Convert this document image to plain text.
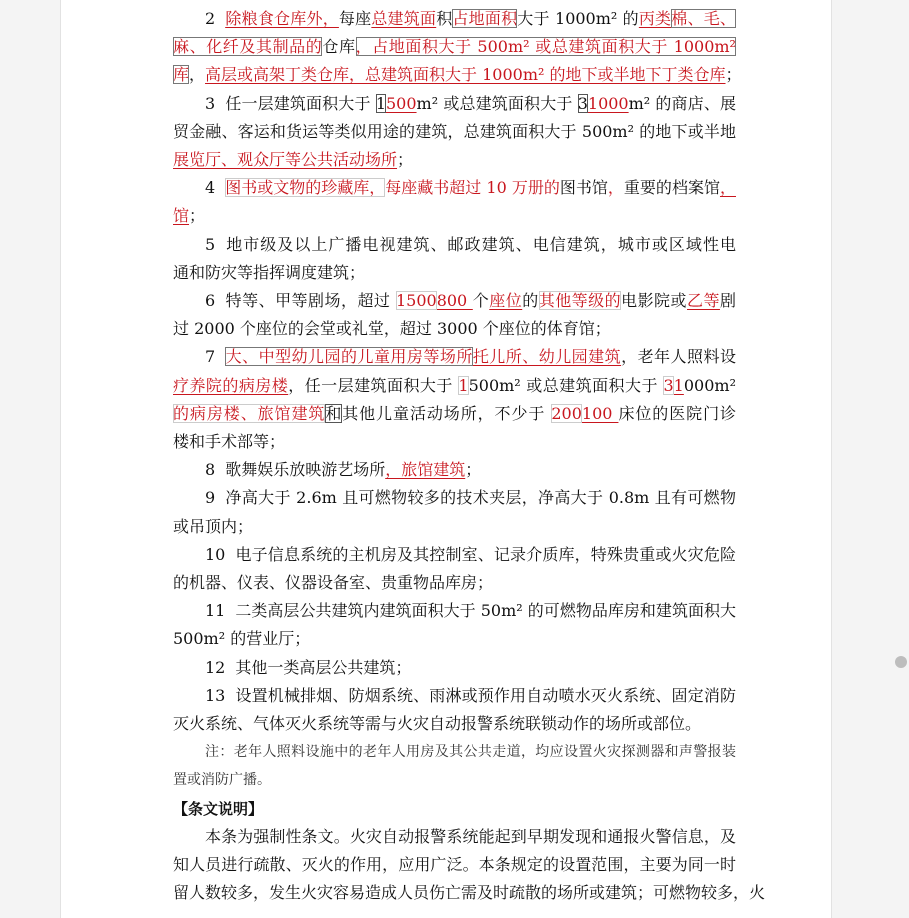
2 除粮食仓库外，每座总建筑面积占地面积大于 1000m² 的丙类棉、毛、
麻、化纤及其制品的仓库，占地面积大于 500m² 或总建筑面积大于 1000m²
库，高层或高架丁类仓库，总建筑面积大于 1000m² 的地下或半地下丁类仓库；
3 任一层建筑面积大于 1500m² 或总建筑面积大于 31000m² 的商店、展
贸金融、客运和货运等类似用途的建筑，总建筑面积大于 500m² 的地下或半地
展览厅、观众厅等公共活动场所；
4 图书或文物的珍藏库，每座藏书超过 10 万册的图书馆，重要的档案馆，
馆；
5 地市级及以上广播电视建筑、邮政建筑、电信建筑，城市或区域性电
通和防灾等指挥调度建筑；
6 特等、甲等剧场，超过 1500800 个座位的其他等级的电影院或乙等剧
过 2000 个座位的会堂或礼堂，超过 3000 个座位的体育馆；
7 大、中型幼儿园的儿童用房等场所托儿所、幼儿园建筑，老年人照料设
疗养院的病房楼，任一层建筑面积大于 1500m² 或总建筑面积大于 31000m²
的病房楼、旅馆建筑和其他儿童活动场所，不少于 200100 床位的医院门诊
楼和手术部等；
8 歌舞娱乐放映游艺场所，旅馆建筑；
9 净高大于 2.6m 且可燃物较多的技术夹层，净高大于 0.8m 且有可燃物
或吊顶内；
10 电子信息系统的主机房及其控制室、记录介质库，特殊贵重或火灾危险
的机器、仪表、仪器设备室、贵重物品库房；
11 二类高层公共建筑内建筑面积大于 50m² 的可燃物品库房和建筑面积大
500m² 的营业厅；
12 其他一类高层公共建筑；
13 设置机械排烟、防烟系统、雨淋或预作用自动喷水灭火系统、固定消防
灭火系统、气体灭火系统等需与火灾自动报警系统联锁动作的场所或部位。
注：老年人照料设施中的老年人用房及其公共走道，均应设置火灾探测器和声警报装
置或消防广播。
【条文说明】
本条为强制性条文。火灾自动报警系统能起到早期发现和通报火警信息，及
知人员进行疏散、灭火的作用，应用广泛。本条规定的设置范围，主要为同一时
留人数较多，发生火灾容易造成人员伤亡需及时疏散的场所或建筑；可燃物较多，火
